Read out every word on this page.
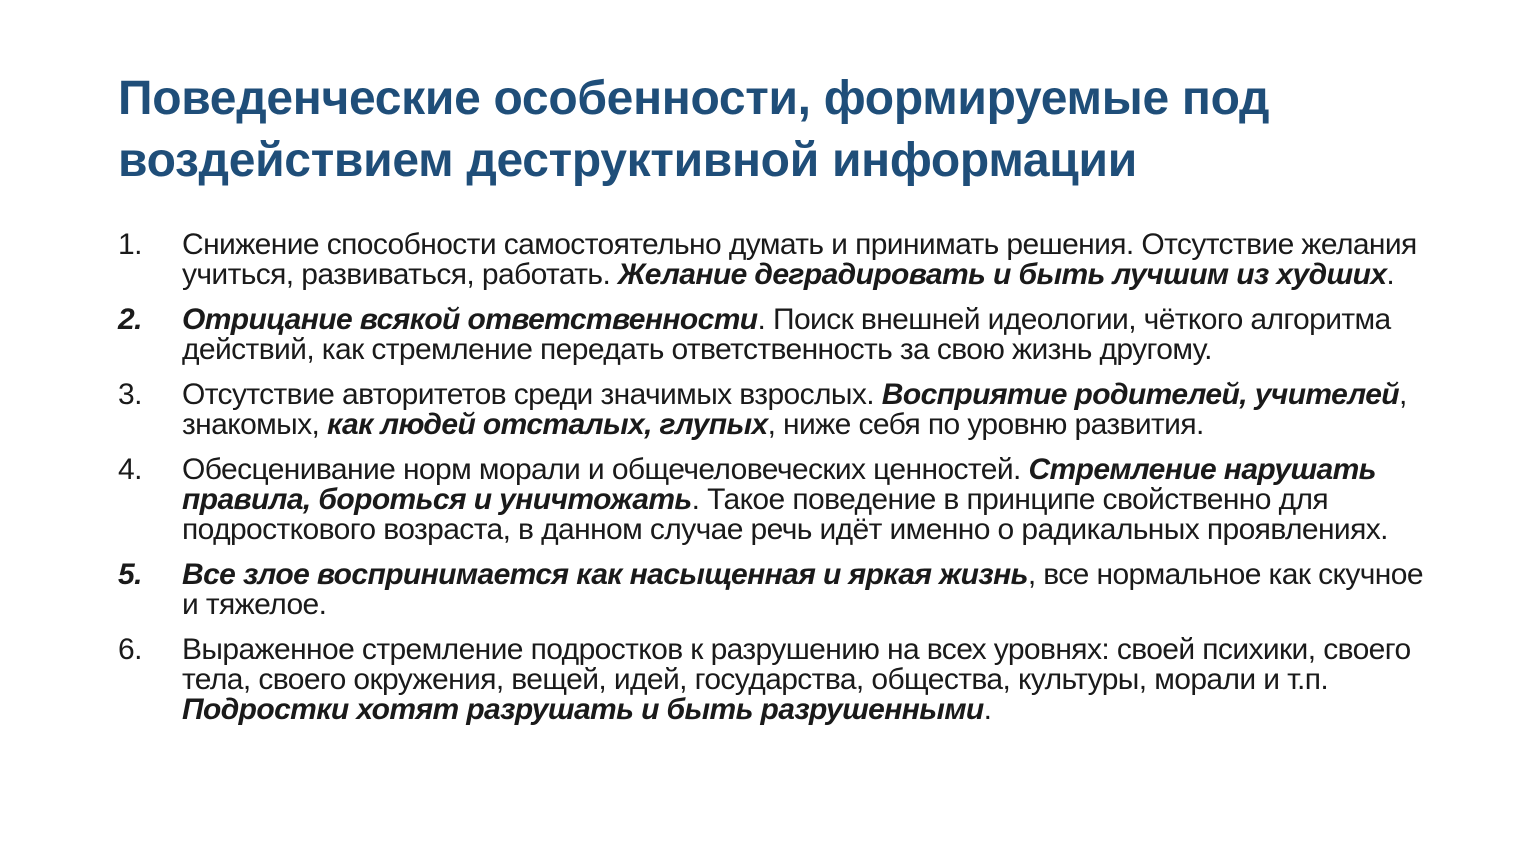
Поведенческие особенности, формируемые под
воздействием деструктивной информации
1.	Снижение способности самостоятельно думать и принимать решения. Отсутствие желания учиться, развиваться, работать. Желание деградировать и быть лучшим из худших.
2.	Отрицание всякой ответственности. Поиск внешней идеологии, чёткого алгоритма действий, как стремление передать ответственность за свою жизнь другому.
3.	Отсутствие авторитетов среди значимых взрослых. Восприятие родителей, учителей, знакомых, как людей отсталых, глупых, ниже себя по уровню развития.
4.	Обесценивание норм морали и общечеловеческих ценностей. Стремление нарушать правила, бороться и уничтожать. Такое поведение в принципе свойственно для подросткового возраста, в данном случае речь идёт именно о радикальных проявлениях.
5.	Все злое воспринимается как насыщенная и яркая жизнь, все нормальное как скучное и тяжелое.
6.	Выраженное стремление подростков к разрушению на всех уровнях: своей психики, своего тела, своего окружения, вещей, идей, государства, общества, культуры, морали и т.п. Подростки хотят разрушать и быть разрушенными.
